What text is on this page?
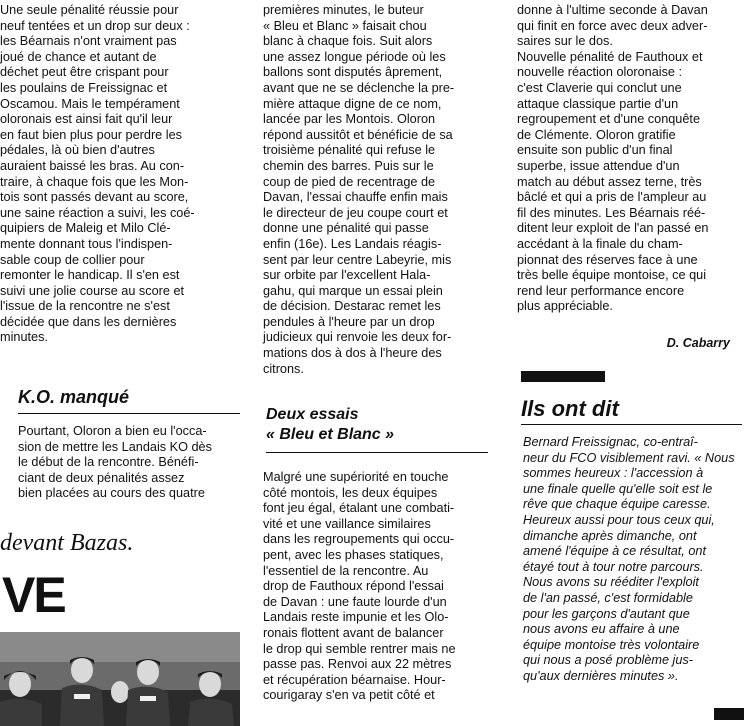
Une seule pénalité réussie pour
neuf tentées et un drop sur deux :
les Béarnais n'ont vraiment pas
joué de chance et autant de
déchet peut être crispant pour
les poulains de Freissignac et
Oscamou. Mais le tempérament
oloronais est ainsi fait qu'il leur
en faut bien plus pour perdre les
pédales, là où bien d'autres
auraient baissé les bras. Au con-
traire, à chaque fois que les Mon-
tois sont passés devant au score,
une saine réaction a suivi, les coé-
quipiers de Maleig et Milo Clé-
mente donnant tous l'indispen-
sable coup de collier pour
remonter le handicap. Il s'en est
suivi une jolie course au score et
l'issue de la rencontre ne s'est
décidée que dans les dernières
minutes.

K.O. manqué

Pourtant, Oloron a bien eu l'occa-
sion de mettre les Landais KO dès
le début de la rencontre. Bénéfi-
ciant de deux pénalités assez
bien placées au cours des quatre

devant Bazas.
VE

premières minutes, le buteur
« Bleu et Blanc » faisait chou
blanc à chaque fois. Suit alors
une assez longue période où les
ballons sont disputés âprement,
avant que ne se déclenche la pre-
mière attaque digne de ce nom,
lancée par les Montois. Oloron
répond aussitôt et bénéficie de sa
troisième pénalité qui refuse le
chemin des barres. Puis sur le
coup de pied de recentrage de
Davan, l'essai chauffe enfin mais
le directeur de jeu coupe court et
donne une pénalité qui passe
enfin (16e). Les Landais réagis-
sent par leur centre Labeyrie, mis
sur orbite par l'excellent Hala-
gahu, qui marque un essai plein
de décision. Destarac remet les
pendules à l'heure par un drop
judicieux qui renvoie les deux for-
mations dos à dos à l'heure des
citrons.

Deux essais
« Bleu et Blanc »

Malgré une supériorité en touche
côté montois, les deux équipes
font jeu égal, étalant une combati-
vité et une vaillance similaires
dans les regroupements qui occu-
pent, avec les phases statiques,
l'essentiel de la rencontre. Au
drop de Fauthoux répond l'essai
de Davan : une faute lourde d'un
Landais reste impunie et les Olo-
ronais flottent avant de balancer
le drop qui semble rentrer mais ne
passe pas. Renvoi aux 22 mètres
et récupération béarnaise. Hour-
courigaray s'en va petit côté et

donne à l'ultime seconde à Davan
qui finit en force avec deux adver-
saires sur le dos.
Nouvelle pénalité de Fauthoux et
nouvelle réaction oloronaise :
c'est Claverie qui conclut une
attaque classique partie d'un
regroupement et d'une conquête
de Clémente. Oloron gratifie
ensuite son public d'un final
superbe, issue attendue d'un
match au début assez terne, très
bâclé et qui a pris de l'ampleur au
fil des minutes. Les Béarnais réé-
ditent leur exploit de l'an passé en
accédant à la finale du cham-
pionnat des réserves face à une
très belle équipe montoise, ce qui
rend leur performance encore
plus appréciable.

D. Cabarry
Ils ont dit

Bernard Freissignac, co-entraî-
neur du FCO visiblement ravi. « Nous
sommes heureux : l'accession à
une finale quelle qu'elle soit est le
rêve que chaque équipe caresse.
Heureux aussi pour tous ceux qui,
dimanche après dimanche, ont
amené l'équipe à ce résultat, ont
étayé tout à tour notre parcours.
Nous avons su rééditer l'exploit
de l'an passé, c'est formidable
pour les garçons d'autant que
nous avons eu affaire à une
équipe montoise très volontaire
qui nous a posé problème jus-
qu'aux dernières minutes ».
